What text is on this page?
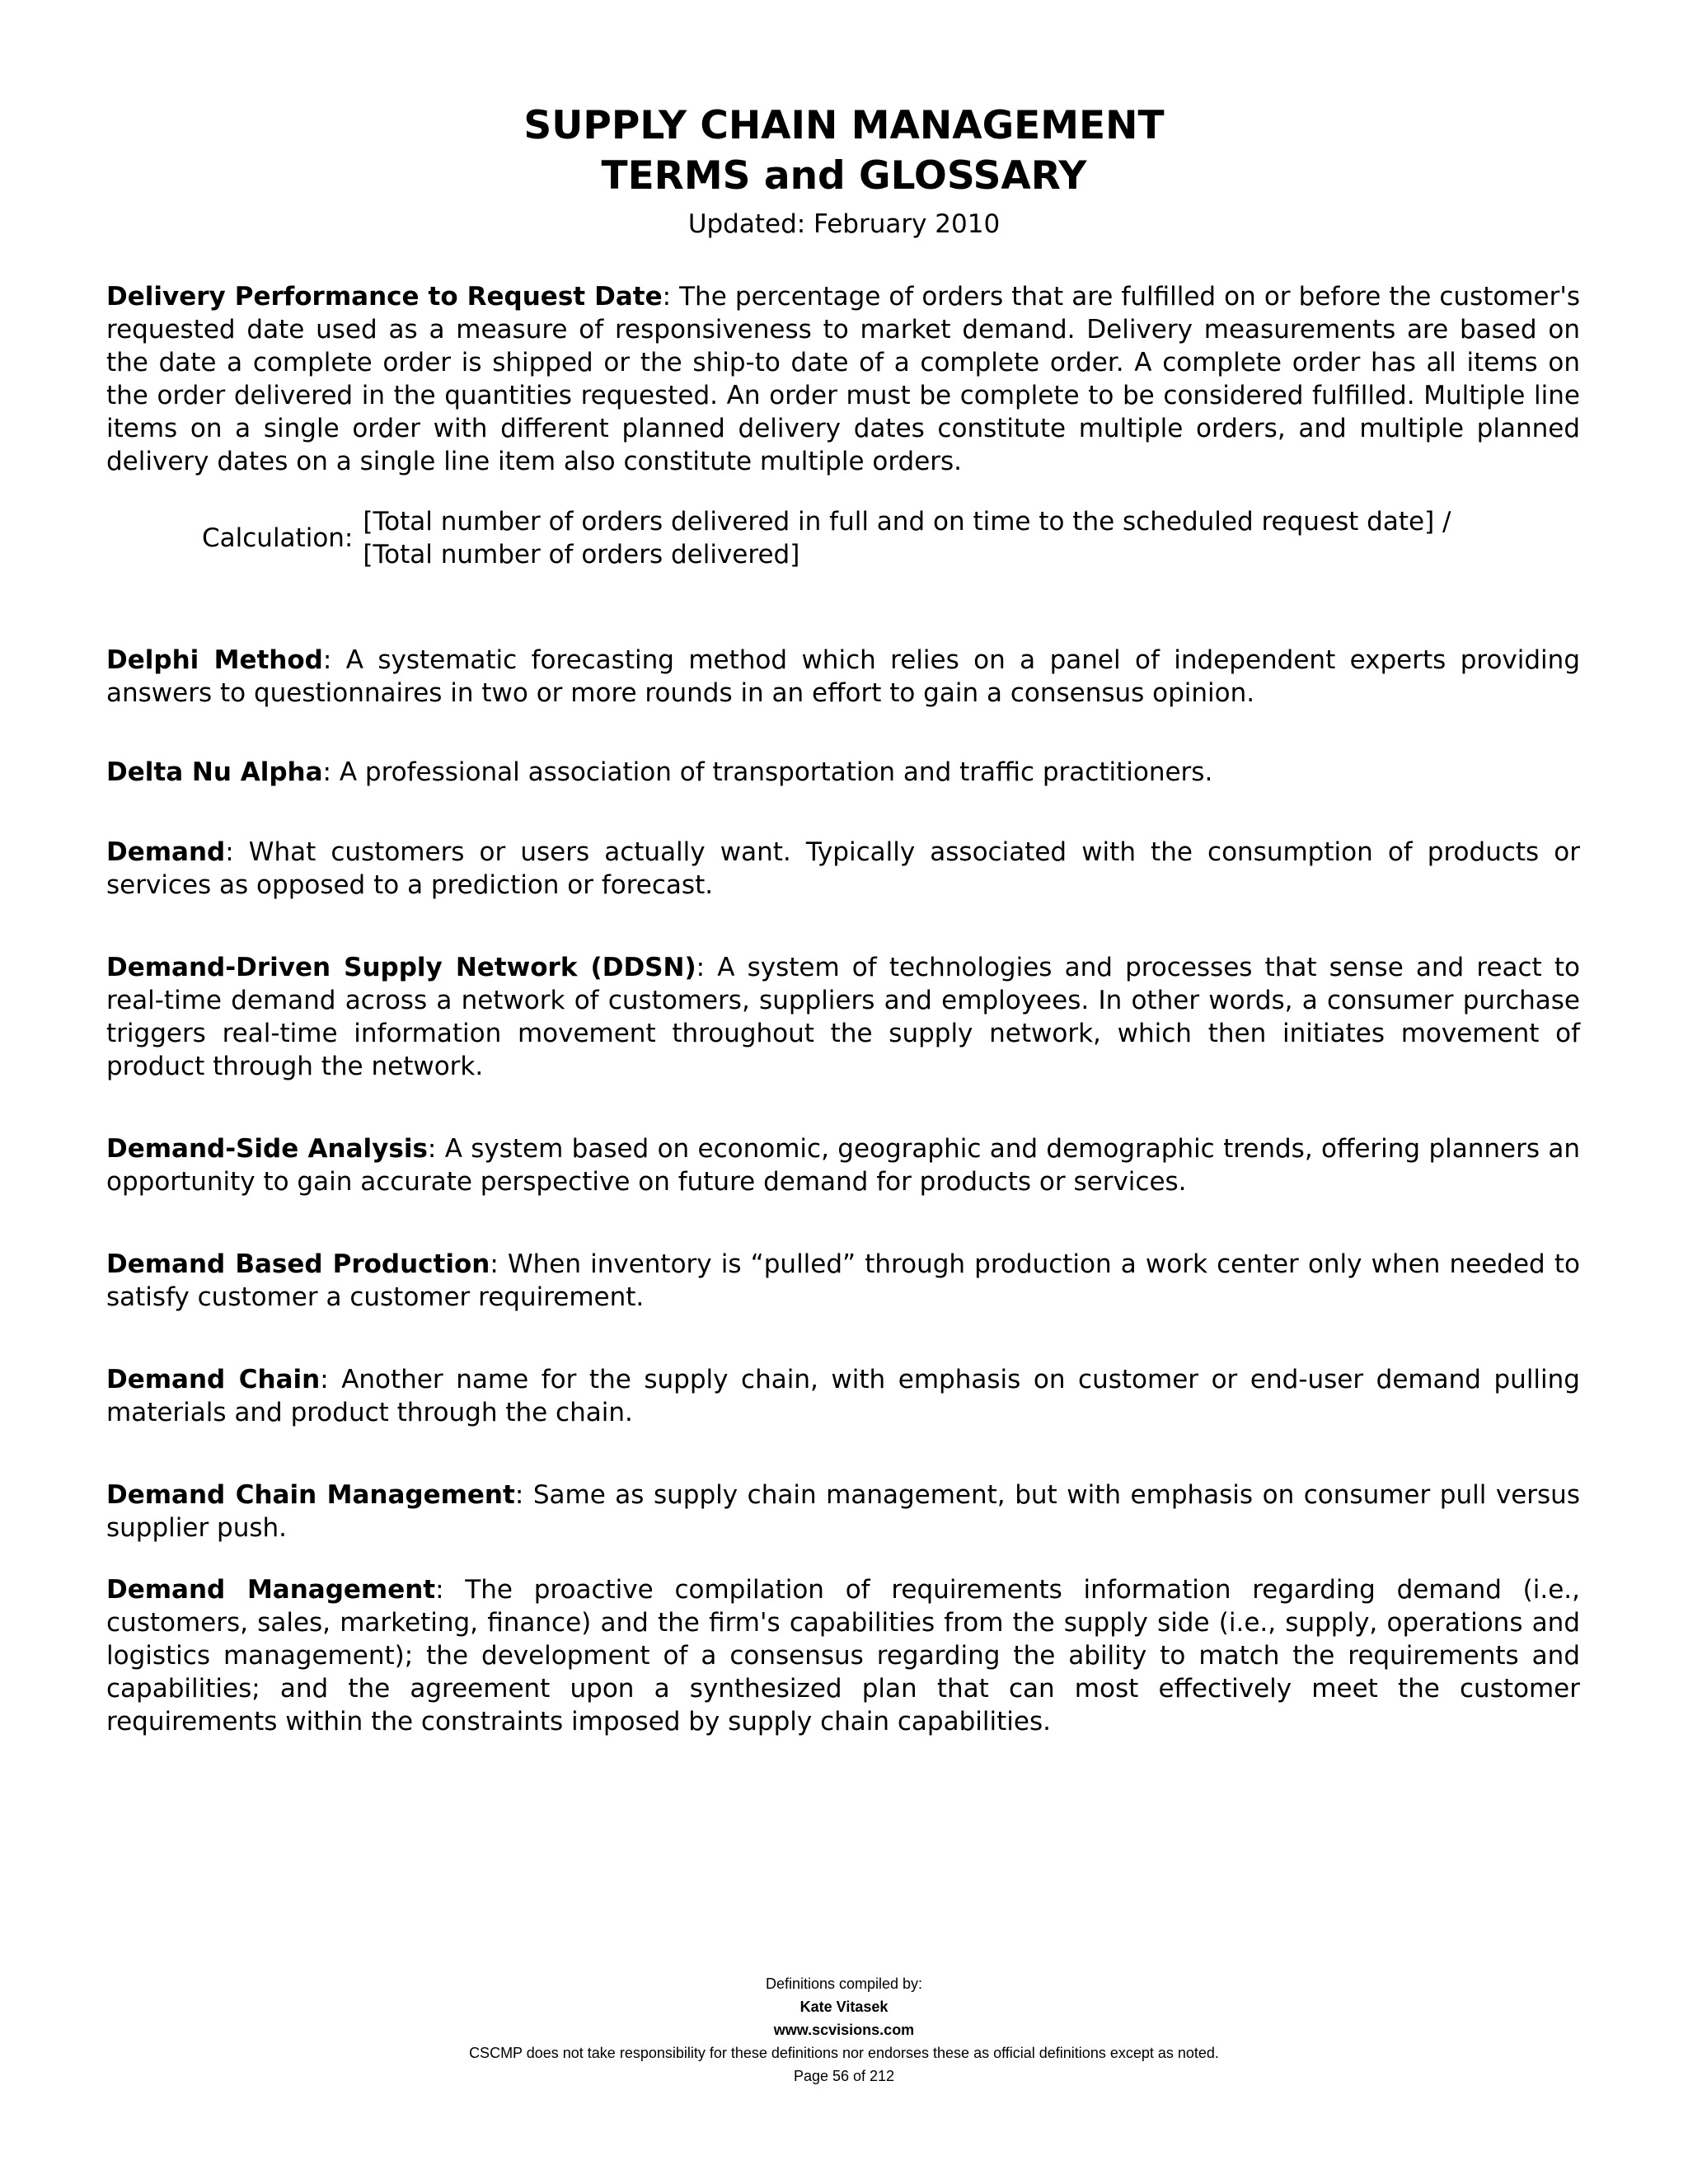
SUPPLY CHAIN MANAGEMENT
TERMS and GLOSSARY
Updated: February 2010

Delivery Performance to Request Date: The percentage of orders that are fulfilled on or before the customer's requested date used as a measure of responsiveness to market demand. Delivery measurements are based on the date a complete order is shipped or the ship-to date of a complete order. A complete order has all items on the order delivered in the quantities requested. An order must be complete to be considered fulfilled. Multiple line items on a single order with different planned delivery dates constitute multiple orders, and multiple planned delivery dates on a single line item also constitute multiple orders.

Calculation:
[Total number of orders delivered in full and on time to the scheduled request date] /
[Total number of orders delivered]

Delphi Method: A systematic forecasting method which relies on a panel of independent experts providing answers to questionnaires in two or more rounds in an effort to gain a consensus opinion.

Delta Nu Alpha: A professional association of transportation and traffic practitioners.

Demand: What customers or users actually want. Typically associated with the consumption of products or services as opposed to a prediction or forecast.

Demand-Driven Supply Network (DDSN): A system of technologies and processes that sense and react to real-time demand across a network of customers, suppliers and employees. In other words, a consumer purchase triggers real-time information movement throughout the supply network, which then initiates movement of product through the network.

Demand-Side Analysis: A system based on economic, geographic and demographic trends, offering planners an opportunity to gain accurate perspective on future demand for products or services.

Demand Based Production: When inventory is “pulled” through production a work center only when needed to satisfy customer a customer requirement.

Demand Chain: Another name for the supply chain, with emphasis on customer or end-user demand pulling materials and product through the chain.

Demand Chain Management: Same as supply chain management, but with emphasis on consumer pull versus supplier push.

Demand Management: The proactive compilation of requirements information regarding demand (i.e., customers, sales, marketing, finance) and the firm's capabilities from the supply side (i.e., supply, operations and logistics management); the development of a consensus regarding the ability to match the requirements and capabilities; and the agreement upon a synthesized plan that can most effectively meet the customer requirements within the constraints imposed by supply chain capabilities.

Definitions compiled by:
Kate Vitasek
www.scvisions.com
CSCMP does not take responsibility for these definitions nor endorses these as official definitions except as noted.
Page 56 of 212
